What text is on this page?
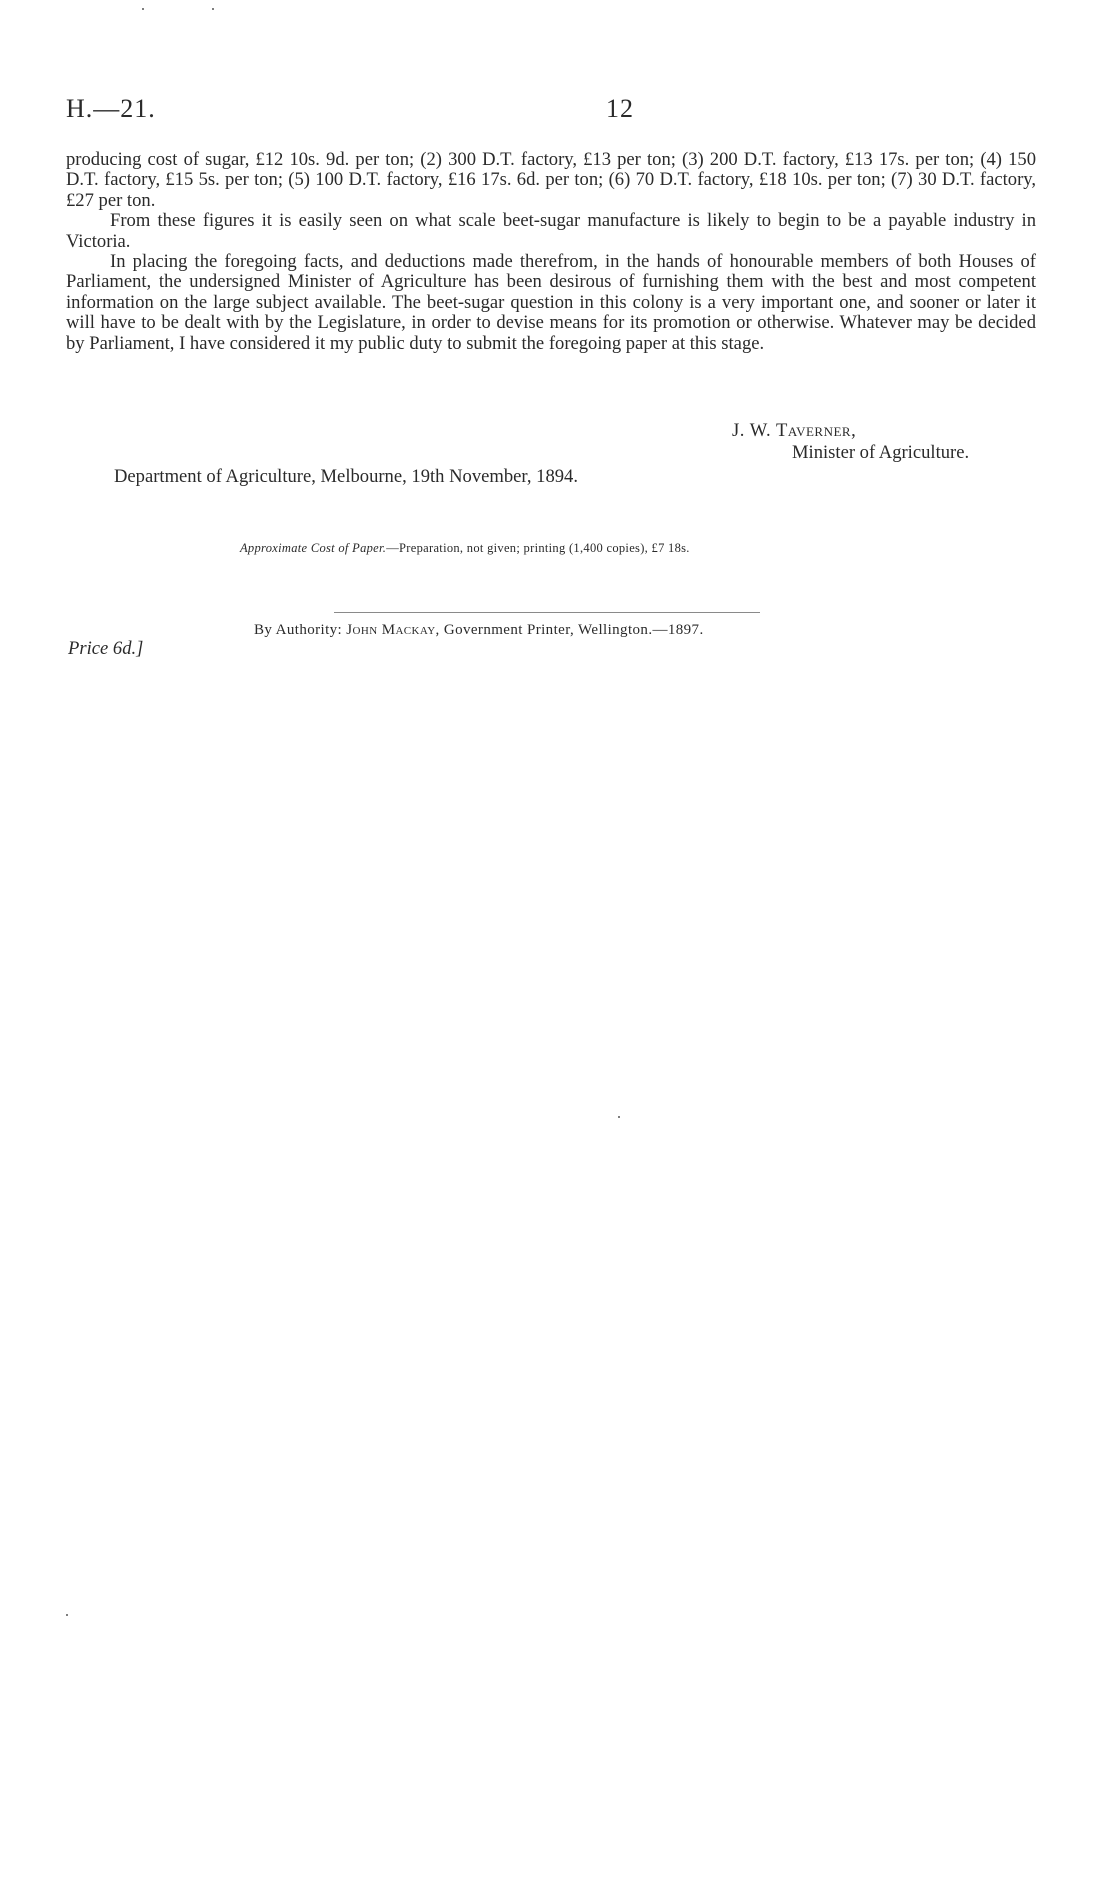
H.—21.	12

producing cost of sugar, £12 10s. 9d. per ton; (2) 300 D.T. factory, £13 per ton; (3) 200 D.T. factory, £13 17s. per ton; (4) 150 D.T. factory, £15 5s. per ton; (5) 100 D.T. factory, £16 17s. 6d. per ton; (6) 70 D.T. factory, £18 10s. per ton; (7) 30 D.T. factory, £27 per ton.

From these figures it is easily seen on what scale beet-sugar manufacture is likely to begin to be a payable industry in Victoria.

In placing the foregoing facts, and deductions made therefrom, in the hands of honourable members of both Houses of Parliament, the undersigned Minister of Agriculture has been desirous of furnishing them with the best and most competent information on the large subject available. The beet-sugar question in this colony is a very important one, and sooner or later it will have to be dealt with by the Legislature, in order to devise means for its promotion or otherwise. Whatever may be decided by Parliament, I have considered it my public duty to submit the foregoing paper at this stage.

J. W. Taverner,
Minister of Agriculture.
Department of Agriculture, Melbourne, 19th November, 1894.
Approximate Cost of Paper.—Preparation, not given; printing (1,400 copies), £7 18s.
By Authority: John Mackay, Government Printer, Wellington.—1897.
Price 6d.]
